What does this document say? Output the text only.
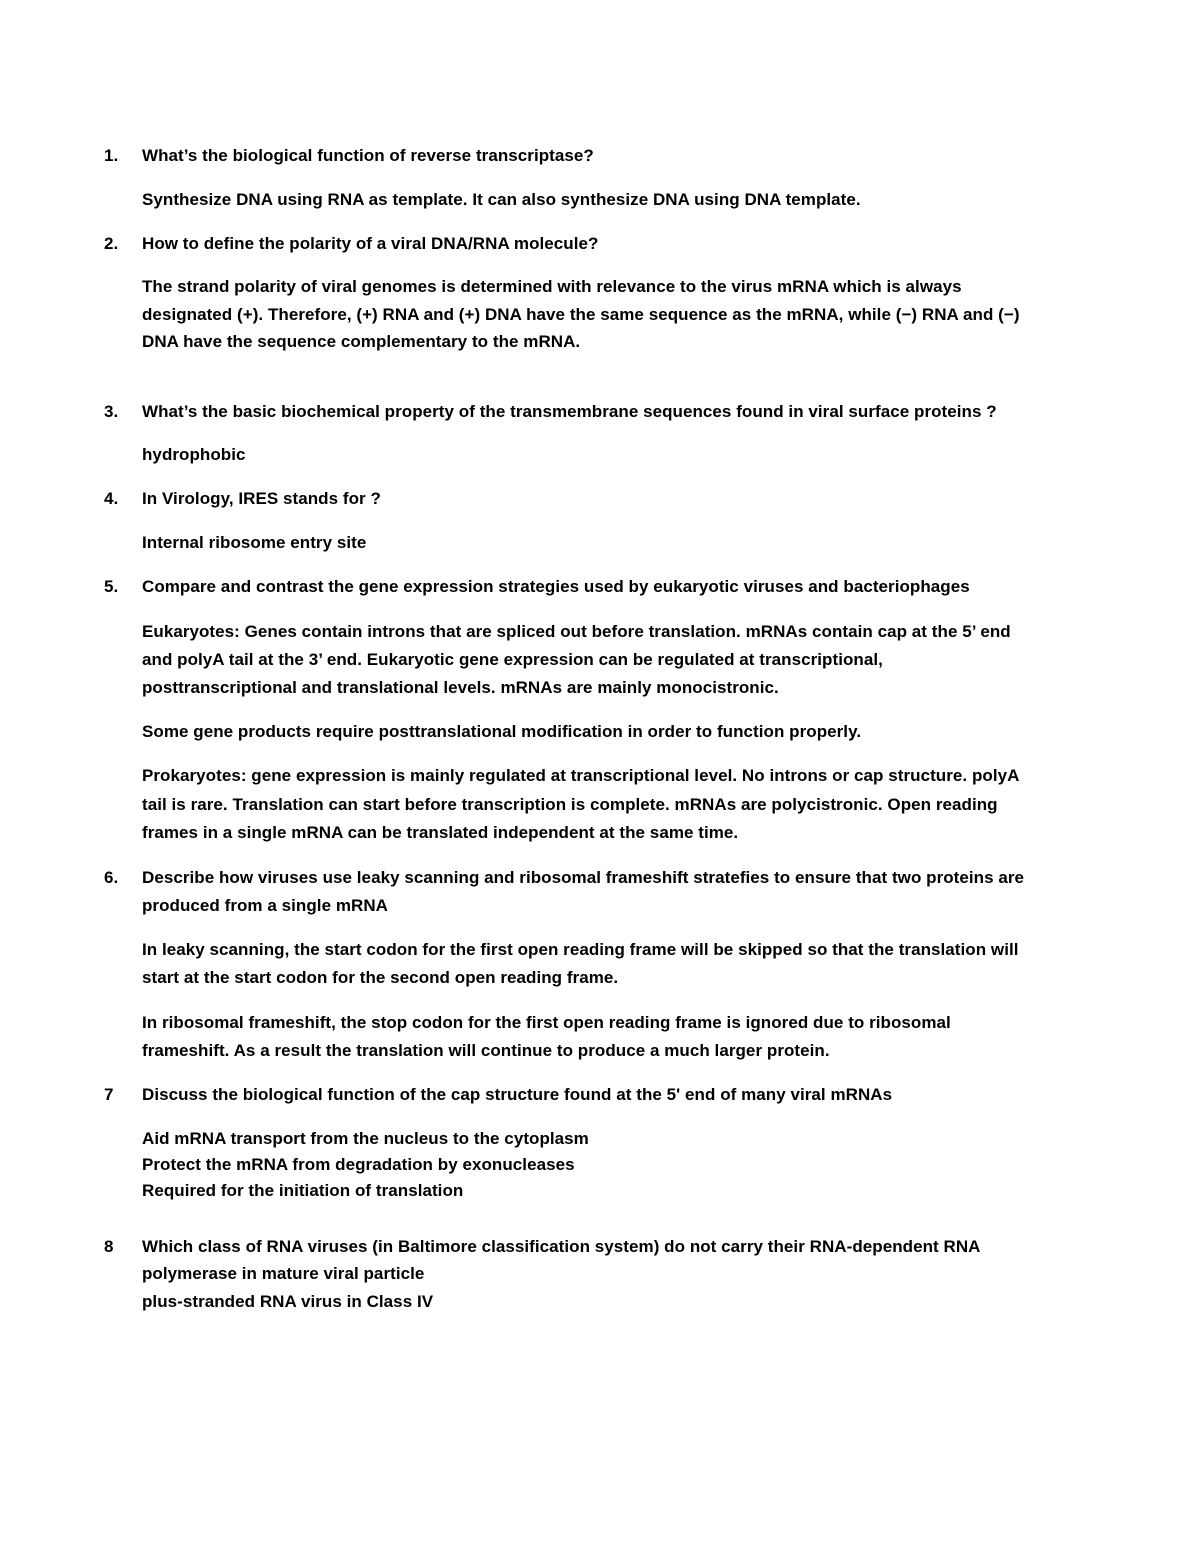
1. What’s the biological function of reverse transcriptase?
Synthesize DNA using RNA as template. It can also synthesize DNA using DNA template.
2. How to define the polarity of a viral DNA/RNA molecule?
The strand polarity of viral genomes is determined with relevance to the virus mRNA which is always
designated (+). Therefore, (+) RNA and (+) DNA have the same sequence as the mRNA, while (−) RNA and (−)
DNA have the sequence complementary to the mRNA.
3. What’s the basic biochemical property of the transmembrane sequences found in viral surface proteins ?
hydrophobic
4. In Virology, IRES stands for ?
Internal ribosome entry site
5. Compare and contrast the gene expression strategies used by eukaryotic viruses and bacteriophages
Eukaryotes: Genes contain introns that are spliced out before translation. mRNAs contain cap at the 5’ end
and polyA tail at the 3’ end. Eukaryotic gene expression can be regulated at transcriptional,
posttranscriptional and translational levels. mRNAs are mainly monocistronic.
Some gene products require posttranslational modification in order to function properly.
Prokaryotes: gene expression is mainly regulated at transcriptional level. No introns or cap structure. polyA
tail is rare. Translation can start before transcription is complete. mRNAs are polycistronic. Open reading
frames in a single mRNA can be translated independent at the same time.
6. Describe how viruses use leaky scanning and ribosomal frameshift stratefies to ensure that two proteins are
produced from a single mRNA
In leaky scanning, the start codon for the first open reading frame will be skipped so that the translation will
start at the start codon for the second open reading frame.
In ribosomal frameshift, the stop codon for the first open reading frame is ignored due to ribosomal
frameshift. As a result the translation will continue to produce a much larger protein.
7 Discuss the biological function of the cap structure found at the 5' end of many viral mRNAs
Aid mRNA transport from the nucleus to the cytoplasm
Protect the mRNA from degradation by exonucleases
Required for the initiation of translation
8 Which class of RNA viruses (in Baltimore classification system) do not carry their RNA-dependent RNA
polymerase in mature viral particle
plus-stranded RNA virus in Class IV
